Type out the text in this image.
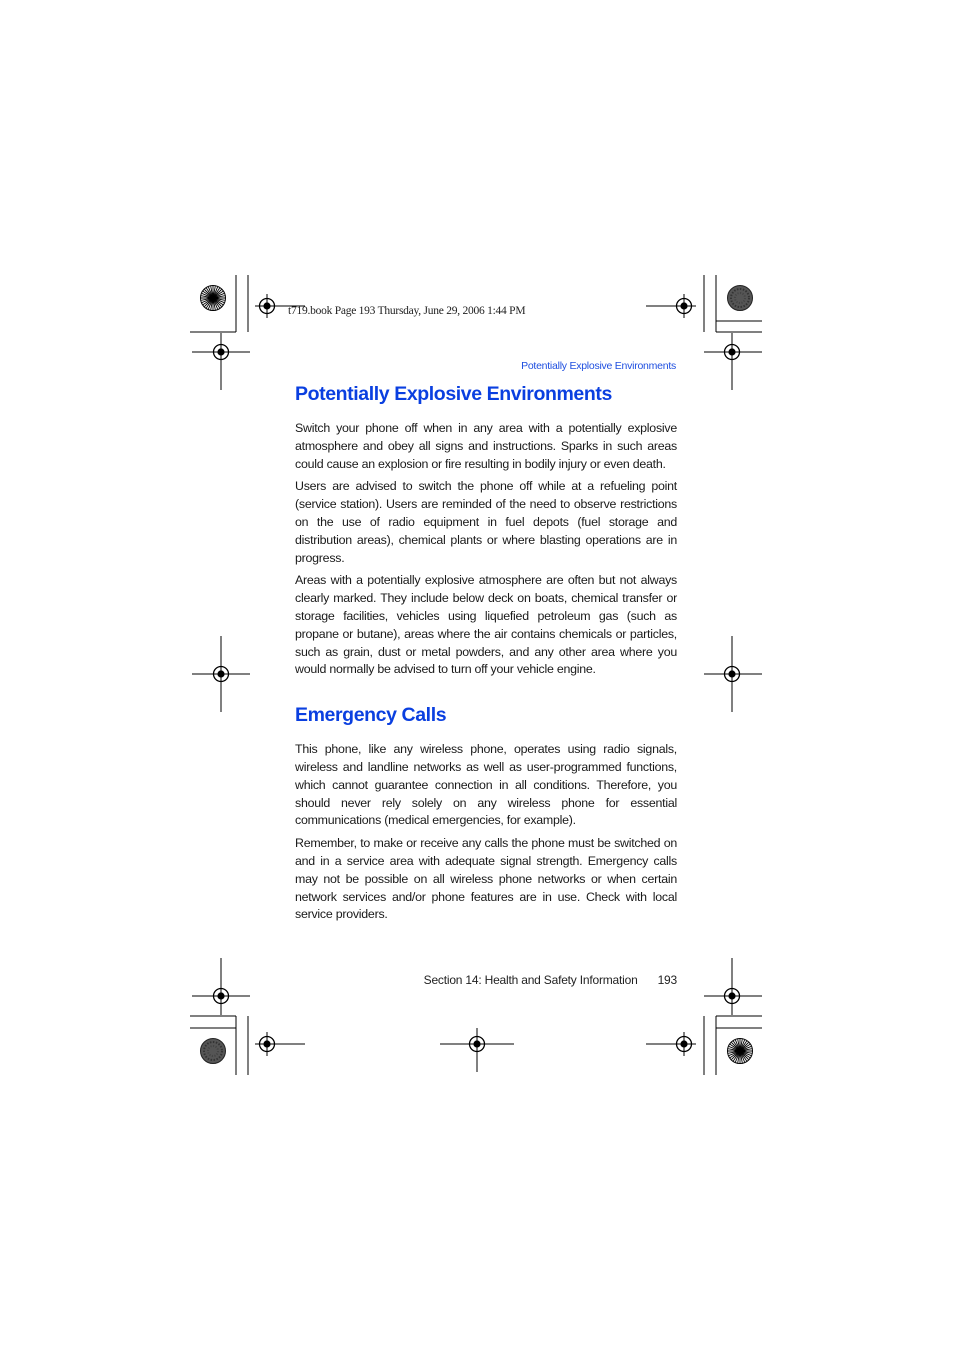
t719.book Page 193 Thursday, June 29, 2006 1:44 PM

Potentially Explosive Environments

Potentially Explosive Environments

Switch your phone off when in any area with a potentially explosive atmosphere and obey all signs and instructions. Sparks in such areas could cause an explosion or fire resulting in bodily injury or even death.

Users are advised to switch the phone off while at a refueling point (service station). Users are reminded of the need to observe restrictions on the use of radio equipment in fuel depots (fuel storage and distribution areas), chemical plants or where blasting operations are in progress.

Areas with a potentially explosive atmosphere are often but not always clearly marked. They include below deck on boats, chemical transfer or storage facilities, vehicles using liquefied petroleum gas (such as propane or butane), areas where the air contains chemicals or particles, such as grain, dust or metal powders, and any other area where you would normally be advised to turn off your vehicle engine.

Emergency Calls

This phone, like any wireless phone, operates using radio signals, wireless and landline networks as well as user-programmed functions, which cannot guarantee connection in all conditions. Therefore, you should never rely solely on any wireless phone for essential communications (medical emergencies, for example).

Remember, to make or receive any calls the phone must be switched on and in a service area with adequate signal strength. Emergency calls may not be possible on all wireless phone networks or when certain network services and/or phone features are in use. Check with local service providers.

Section 14: Health and Safety Information 193
